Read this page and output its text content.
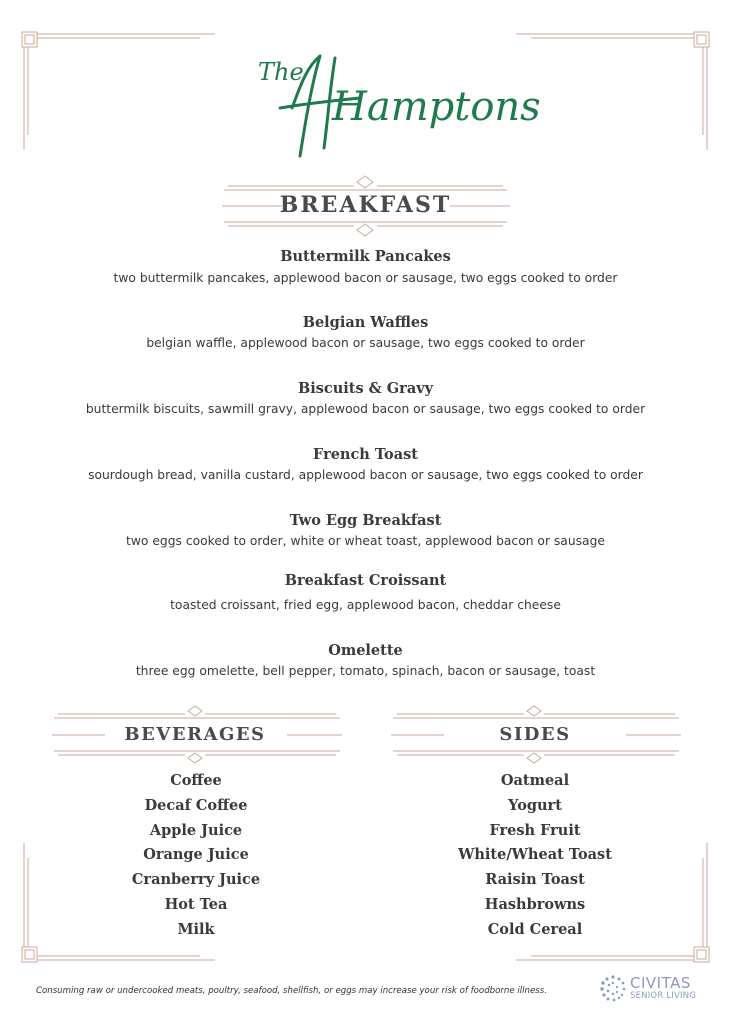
The
Hamptons
BREAKFAST
Buttermilk Pancakes
two buttermilk pancakes, applewood bacon or sausage, two eggs cooked to order
Belgian Waffles
belgian waffle, applewood bacon or sausage, two eggs cooked to order
Biscuits & Gravy
buttermilk biscuits, sawmill gravy, applewood bacon or sausage, two eggs cooked to order
French Toast
sourdough bread, vanilla custard, applewood bacon or sausage, two eggs cooked to order
Two Egg Breakfast
two eggs cooked to order, white or wheat toast, applewood bacon or sausage
Breakfast Croissant
toasted croissant, fried egg, applewood bacon, cheddar cheese
Omelette
three egg omelette, bell pepper, tomato, spinach, bacon or sausage, toast
BEVERAGES
Coffee
Decaf Coffee
Apple Juice
Orange Juice
Cranberry Juice
Hot Tea
Milk
SIDES
Oatmeal
Yogurt
Fresh Fruit
White/Wheat Toast
Raisin Toast
Hashbrowns
Cold Cereal
Consuming raw or undercooked meats, poultry, seafood, shellfish, or eggs may increase your risk of foodborne illness.	CIVITAS
SENIOR LIVING
